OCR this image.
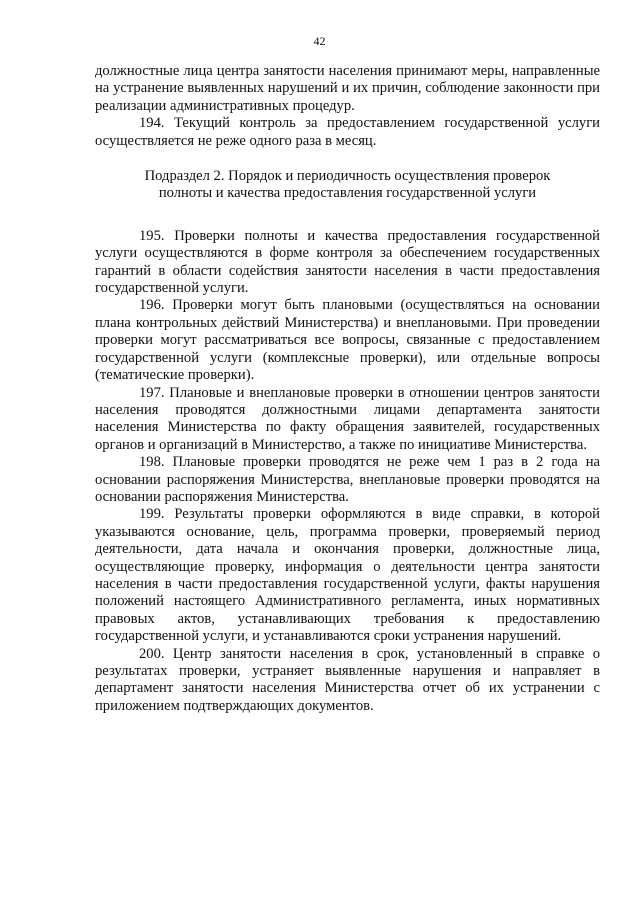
42

должностные лица центра занятости населения принимают меры, направленные на устранение выявленных нарушений и их причин, соблюдение законности при реализации административных процедур.

194. Текущий контроль за предоставлением государственной услуги осуществляется не реже одного раза в месяц.

Подраздел 2. Порядок и периодичность осуществления проверок
полноты и качества предоставления государственной услуги

195. Проверки полноты и качества предоставления государственной услуги осуществляются в форме контроля за обеспечением государственных гарантий в области содействия занятости населения в части предоставления государственной услуги.

196. Проверки могут быть плановыми (осуществляться на основании плана контрольных действий Министерства) и внеплановыми. При проведении проверки могут рассматриваться все вопросы, связанные с предоставлением государственной услуги (комплексные проверки), или отдельные вопросы (тематические проверки).

197. Плановые и внеплановые проверки в отношении центров занятости населения проводятся должностными лицами департамента занятости населения Министерства по факту обращения заявителей, государственных органов и организаций в Министерство, а также по инициативе Министерства.

198. Плановые проверки проводятся не реже чем 1 раз в 2 года на основании распоряжения Министерства, внеплановые проверки проводятся на основании распоряжения Министерства.

199. Результаты проверки оформляются в виде справки, в которой указываются основание, цель, программа проверки, проверяемый период деятельности, дата начала и окончания проверки, должностные лица, осуществляющие проверку, информация о деятельности центра занятости населения в части предоставления государственной услуги, факты нарушения положений настоящего Административного регламента, иных нормативных правовых актов, устанавливающих требования к предоставлению государственной услуги, и устанавливаются сроки устранения нарушений.

200. Центр занятости населения в срок, установленный в справке о результатах проверки, устраняет выявленные нарушения и направляет в департамент занятости населения Министерства отчет об их устранении с приложением подтверждающих документов.
